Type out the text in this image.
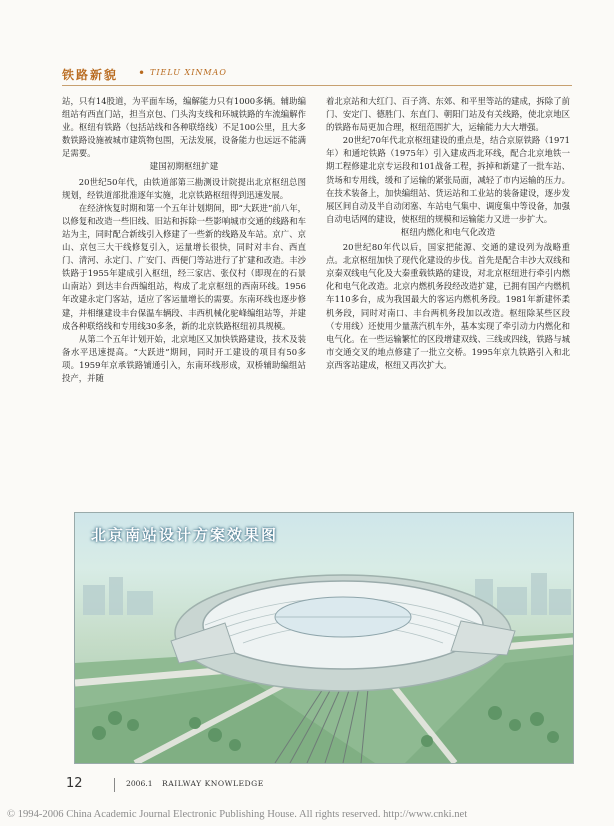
铁路新貌 • TIELU XINMAO

站，只有14股道，为平面车场，编解能力只有1000多辆。辅助编组站有西直门站，担当京包、门头沟支线和环城铁路的车流编解作业。枢纽有铁路（包括站线和各种联络线）不足100公里，且大多数铁路设施被城市建筑物包围，无法发展，设备能力也远远不能满足需要。

建国初期枢纽扩建

20世纪50年代，由铁道部第三勘测设计院提出北京枢纽总图规划，经铁道部批准逐年实施，北京铁路枢纽得到迅速发展。

在经济恢复时期和第一个五年计划期间，即“大跃进”前八年，以修复和改造一些旧线、旧站和拆除一些影响城市交通的线路和车站为主，同时配合新线引入修建了一些新的线路及车站。京广、京山、京包三大干线修复引入，运量增长很快，同时对丰台、西直门、清河、永定门、广安门、西便门等站进行了扩建和改造。丰沙铁路于1955年建成引入枢纽，经三家店、张仪村（即现在的石景山南站）到达丰台西编组站，构成了北京枢纽的西南环线。1956年改建永定门客站，适应了客运量增长的需要。东南环线也逐步修建，并相继建设丰台保温车辆段、丰西机械化驼峰编组站等，并建成各种联络线和专用线30多条，新的北京铁路枢纽初具规模。

从第二个五年计划开始，北京地区又加快铁路建设，技术及装备水平迅速提高。“大跃进”期间，同时开工建设的项目有50多项。1959年京承铁路铺通引入，东南环线形成，双桥辅助编组站投产，并随

着北京站和大红门、百子湾、东郊、和平里等站的建成，拆除了前门、安定门、德胜门、东直门、朝阳门站及有关线路，使北京地区的铁路布局更加合理，枢纽范围扩大，运输能力大大增强。

20世纪70年代北京枢纽建设的重点是，结合京原铁路（1971年）和通坨铁路（1975年）引入建成西北环线，配合北京地铁一期工程修建北京专运段和101战备工程，拆掉和新建了一批车站、货场和专用线，缓和了运输的紧张局面，减轻了市内运输的压力。在技术装备上，加快编组站、货运站和工业站的装备建设，逐步发展区间自动及半自动闭塞、车站电气集中、调度集中等设备，加强自动电话网的建设，使枢纽的规模和运输能力又进一步扩大。

枢纽内燃化和电气化改造

20世纪80年代以后，国家把能源、交通的建设列为战略重点。北京枢纽加快了现代化建设的步伐。首先是配合丰沙大双线和京秦双线电气化及大秦重载铁路的建设，对北京枢纽进行牵引内燃化和电气化改造。北京内燃机务段经改造扩建，已拥有国产内燃机车110多台，成为我国最大的客运内燃机务段。1981年新建怀柔机务段，同时对南口、丰台两机务段加以改造。枢纽除某些区段（专用线）还使用少量蒸汽机车外，基本实现了牵引动力内燃化和电气化。在一些运输繁忙的区段增建双线、三线或四线，铁路与城市交通交叉的地点修建了一批立交桥。1995年京九铁路引入和北京西客站建成，枢纽又再次扩大。

北京南站设计方案效果图
12	2006.1 RAILWAY KNOWLEDGE
© 1994-2006 China Academic Journal Electronic Publishing House. All rights reserved. http://www.cnki.net
